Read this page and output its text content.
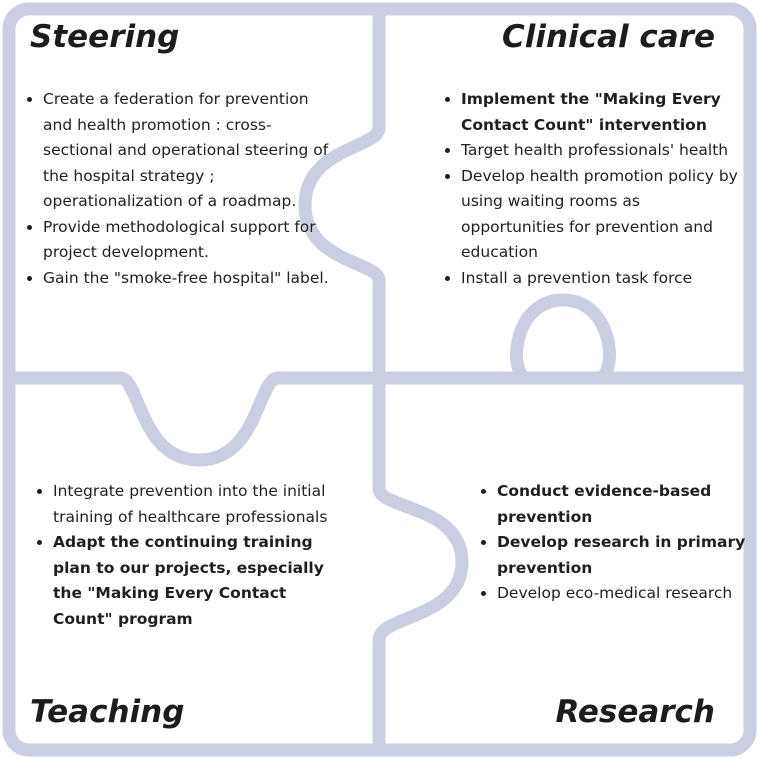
Steering
• Create a federation for prevention and health promotion : cross-sectional and operational steering of the hospital strategy ; operationalization of a roadmap.
• Provide methodological support for project development.
• Gain the "smoke-free hospital" label.
Clinical care
• Implement the "Making Every Contact Count" intervention
• Target health professionals' health
• Develop health promotion policy by using waiting rooms as opportunities for prevention and education
• Install a prevention task force
• Integrate prevention into the initial training of healthcare professionals
• Adapt the continuing training plan to our projects, especially the "Making Every Contact Count" program
Teaching
• Conduct evidence-based prevention
• Develop research in primary prevention
• Develop eco-medical research
Research
